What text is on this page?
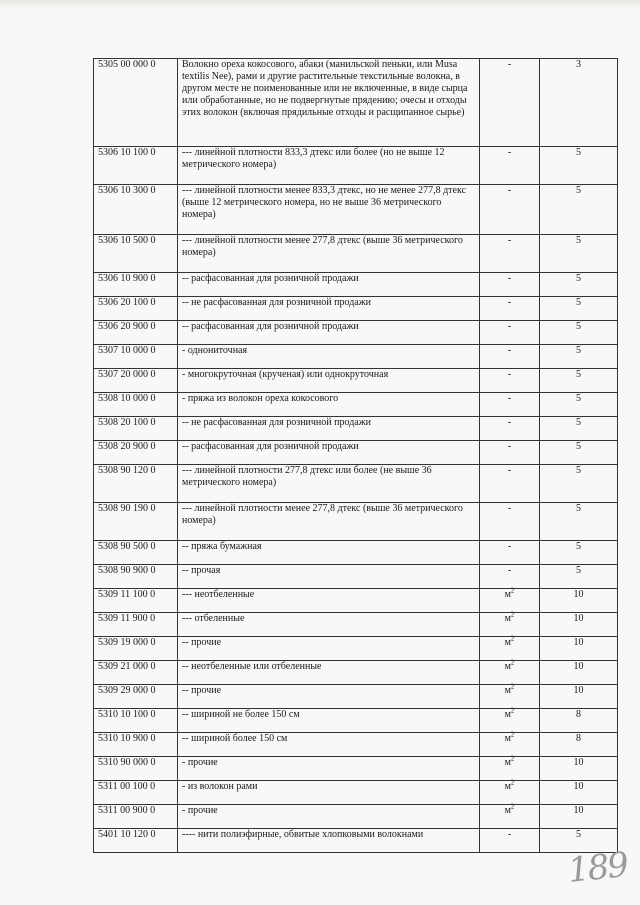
5305 00 000 0	Волокно ореха кокосового, абаки (манильской пеньки, или Musa textilis Nee), рами и другие растительные текстильные волокна, в другом месте не поименованные или не включенные, в виде сырца или обработанные, но не подвергнутые прядению; очесы и отходы этих волокон (включая прядильные отходы и расщипанное сырье)	-	3
5306 10 100 0	--- линейной плотности 833,3 дтекс или более (но не выше 12 метрического номера)	-	5
5306 10 300 0	--- линейной плотности менее 833,3 дтекс, но не менее 277,8 дтекс (выше 12 метрического номера, но не выше 36 метрического номера)	-	5
5306 10 500 0	--- линейной плотности менее 277,8 дтекс (выше 36 метрического номера)	-	5
5306 10 900 0	-- расфасованная для розничной продажи	-	5
5306 20 100 0	-- не расфасованная для розничной продажи	-	5
5306 20 900 0	-- расфасованная для розничной продажи	-	5
5307 10 000 0	- однониточная	-	5
5307 20 000 0	- многокруточная (крученая) или однокруточная	-	5
5308 10 000 0	- пряжа из волокон ореха кокосового	-	5
5308 20 100 0	-- не расфасованная для розничной продажи	-	5
5308 20 900 0	-- расфасованная для розничной продажи	-	5
5308 90 120 0	--- линейной плотности 277,8 дтекс или более (не выше 36 метрического номера)	-	5
5308 90 190 0	--- линейной плотности менее 277,8 дтекс (выше 36 метрического номера)	-	5
5308 90 500 0	-- пряжа бумажная	-	5
5308 90 900 0	-- прочая	-	5
5309 11 100 0	--- неотбеленные	$м^2$	10
5309 11 900 0	--- отбеленные	$м^2$	10
5309 19 000 0	-- прочие	$м^2$	10
5309 21 000 0	-- неотбеленные или отбеленные	$м^2$	10
5309 29 000 0	-- прочие	$м^2$	10
5310 10 100 0	-- шириной не более 150 см	$м^2$	8
5310 10 900 0	-- шириной более 150 см	$м^2$	8
5310 90 000 0	- прочие	$м^2$	10
5311 00 100 0	- из волокон рами	$м^2$	10
5311 00 900 0	- прочие	$м^2$	10
5401 10 120 0	---- нити полиэфирные, обвитые хлопковыми волокнами	-	5
189
